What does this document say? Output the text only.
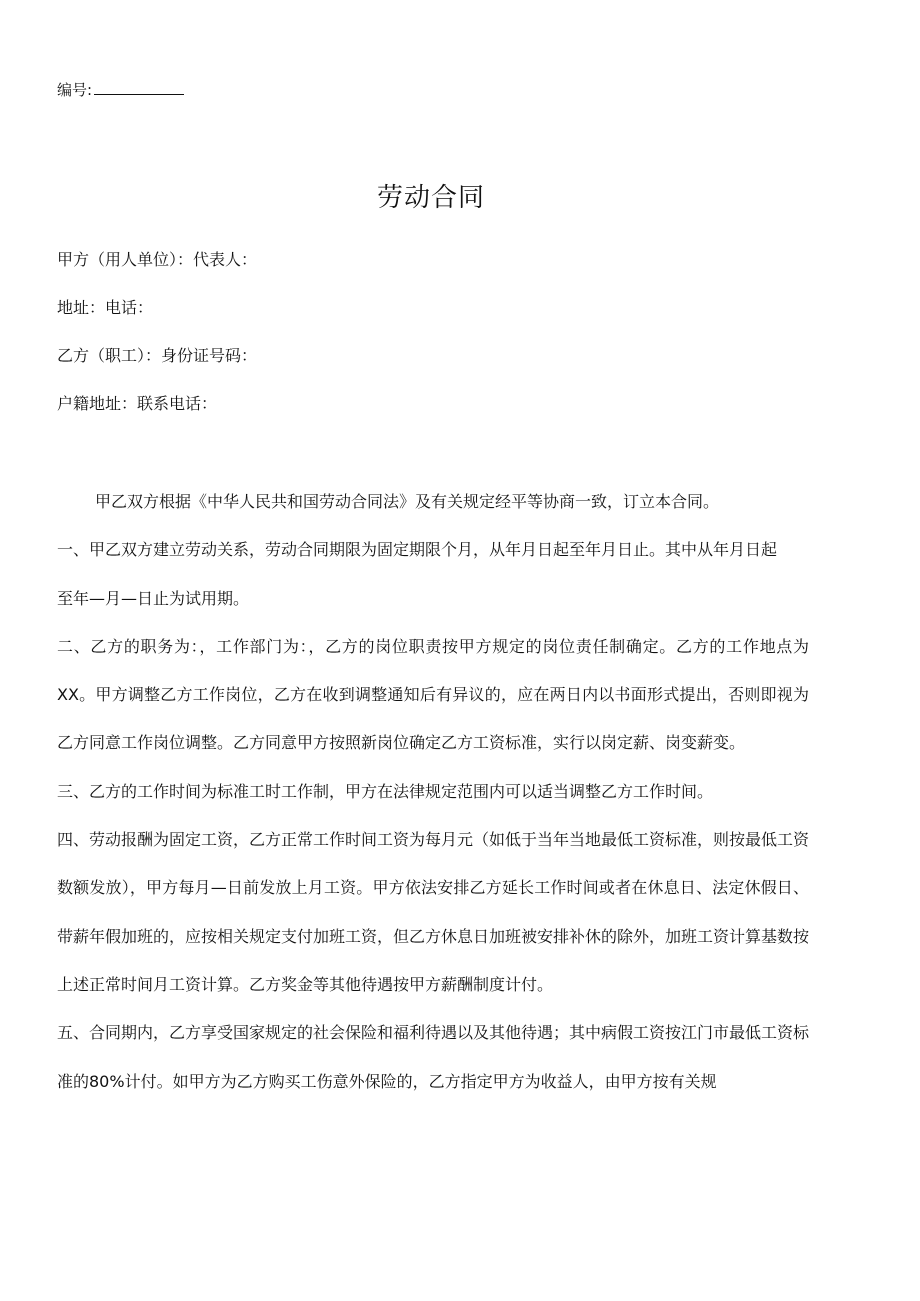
编号:
劳动合同
甲方（用人单位）：代表人：
地址：电话：
乙方（职工）：身份证号码：
户籍地址：联系电话：

甲乙双方根据《中华人民共和国劳动合同法》及有关规定经平等协商一致，订立本合同。

一、甲乙双方建立劳动关系，劳动合同期限为固定期限个月，从年月日起至年月日止。其中从年月日起

至年—月—日止为试用期。

二、乙方的职务为：，工作部门为：，乙方的岗位职责按甲方规定的岗位责任制确定。乙方的工作地点为XX。甲方调整乙方工作岗位，乙方在收到调整通知后有异议的，应在两日内以书面形式提出，否则即视为乙方同意工作岗位调整。乙方同意甲方按照新岗位确定乙方工资标准，实行以岗定薪、岗变薪变。

三、乙方的工作时间为标准工时工作制，甲方在法律规定范围内可以适当调整乙方工作时间。

四、劳动报酬为固定工资，乙方正常工作时间工资为每月元（如低于当年当地最低工资标准，则按最低工资数额发放），甲方每月—日前发放上月工资。甲方依法安排乙方延长工作时间或者在休息日、法定休假日、带薪年假加班的，应按相关规定支付加班工资，但乙方休息日加班被安排补休的除外，加班工资计算基数按上述正常时间月工资计算。乙方奖金等其他待遇按甲方薪酬制度计付。

五、合同期内，乙方享受国家规定的社会保险和福利待遇以及其他待遇；其中病假工资按江门市最低工资标准的80%计付。如甲方为乙方购买工伤意外保险的，乙方指定甲方为收益人，由甲方按有关规
